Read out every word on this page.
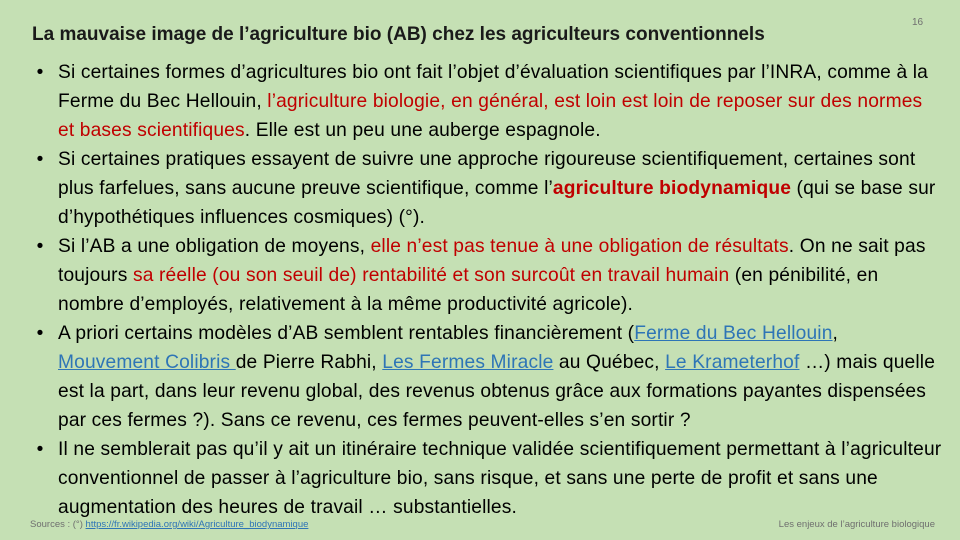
La mauvaise image de l’agriculture bio (AB) chez les agriculteurs conventionnels
16
• Si certaines formes d’agricultures bio ont fait l’objet d’évaluation scientifiques par l’INRA, comme à la Ferme du Bec Hellouin, l’agriculture biologie, en général, est loin est loin de reposer sur des normes et bases scientifiques. Elle est un peu une auberge espagnole.
• Si certaines pratiques essayent de suivre une approche rigoureuse scientifiquement, certaines sont plus farfelues, sans aucune preuve scientifique, comme l’agriculture biodynamique (qui se base sur d’hypothétiques influences cosmiques) (°).
• Si l’AB a une obligation de moyens, elle n’est pas tenue à une obligation de résultats. On ne sait pas toujours sa réelle (ou son seuil de) rentabilité et son surcoût en travail humain (en pénibilité, en nombre d’employés, relativement à la même productivité agricole).
• A priori certains modèles d’AB semblent rentables financièrement (Ferme du Bec Hellouin, Mouvement Colibris de Pierre Rabhi, Les Fermes Miracle au Québec, Le Krameterhof …) mais quelle est la part, dans leur revenu global, des revenus obtenus grâce aux formations payantes dispensées par ces fermes ?). Sans ce revenu, ces fermes peuvent-elles s’en sortir ?
• Il ne semblerait pas qu’il y ait un itinéraire technique validée scientifiquement permettant à l’agriculteur conventionnel de passer à l’agriculture bio, sans risque, et sans une perte de profit et sans une augmentation des heures de travail … substantielles.
Sources : (°) https://fr.wikipedia.org/wiki/Agriculture_biodynamique	Les enjeux de l’agriculture biologique
